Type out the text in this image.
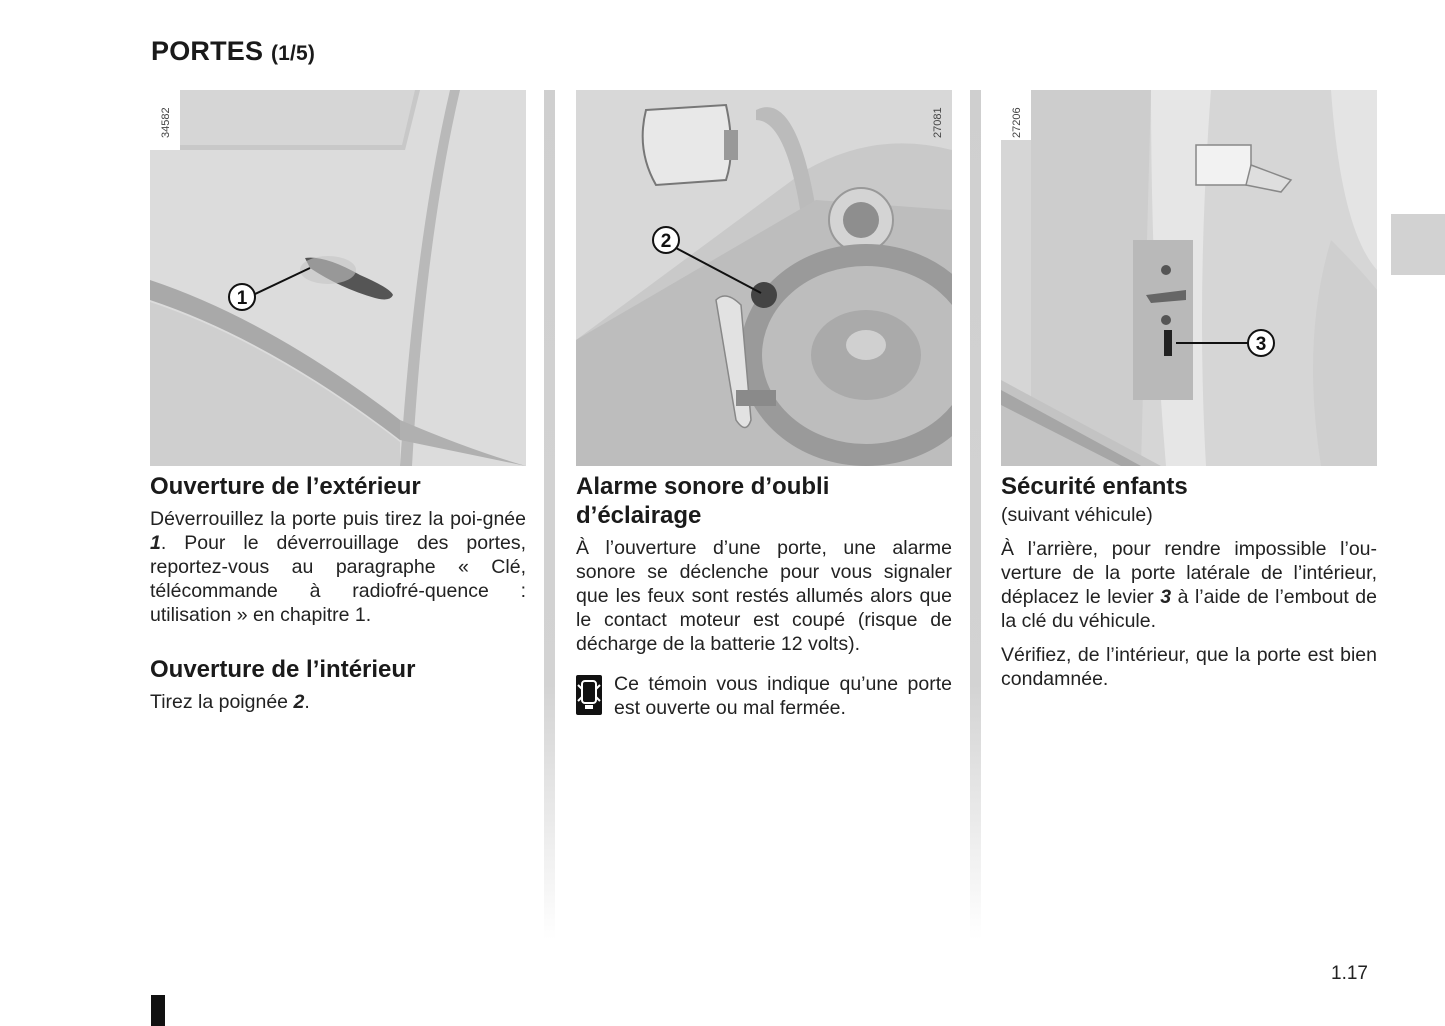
PORTES (1/5)
1
34582
Ouverture de l’extérieur

Déverrouillez la porte puis tirez la poi-gnée 1. Pour le déverrouillage des portes, reportez-vous au paragraphe « Clé, télécommande à radiofré-quence : utilisation » en chapitre 1.

Ouverture de l’intérieur

Tirez la poignée 2.

2
27081
Alarme sonore d’oubli
d’éclairage

À l’ouverture d’une porte, une alarme sonore se déclenche pour vous signaler que les feux sont restés allumés alors que le contact moteur est coupé (risque de décharge de la batterie 12 volts).

Ce témoin vous indique qu’une porte est ouverte ou mal fermée.

3
27206
Sécurité enfants

(suivant véhicule)

À l’arrière, pour rendre impossible l’ou-verture de la porte latérale de l’intérieur, déplacez le levier 3 à l’aide de l’embout de la clé du véhicule.

Vérifiez, de l’intérieur, que la porte est bien condamnée.

1.17
